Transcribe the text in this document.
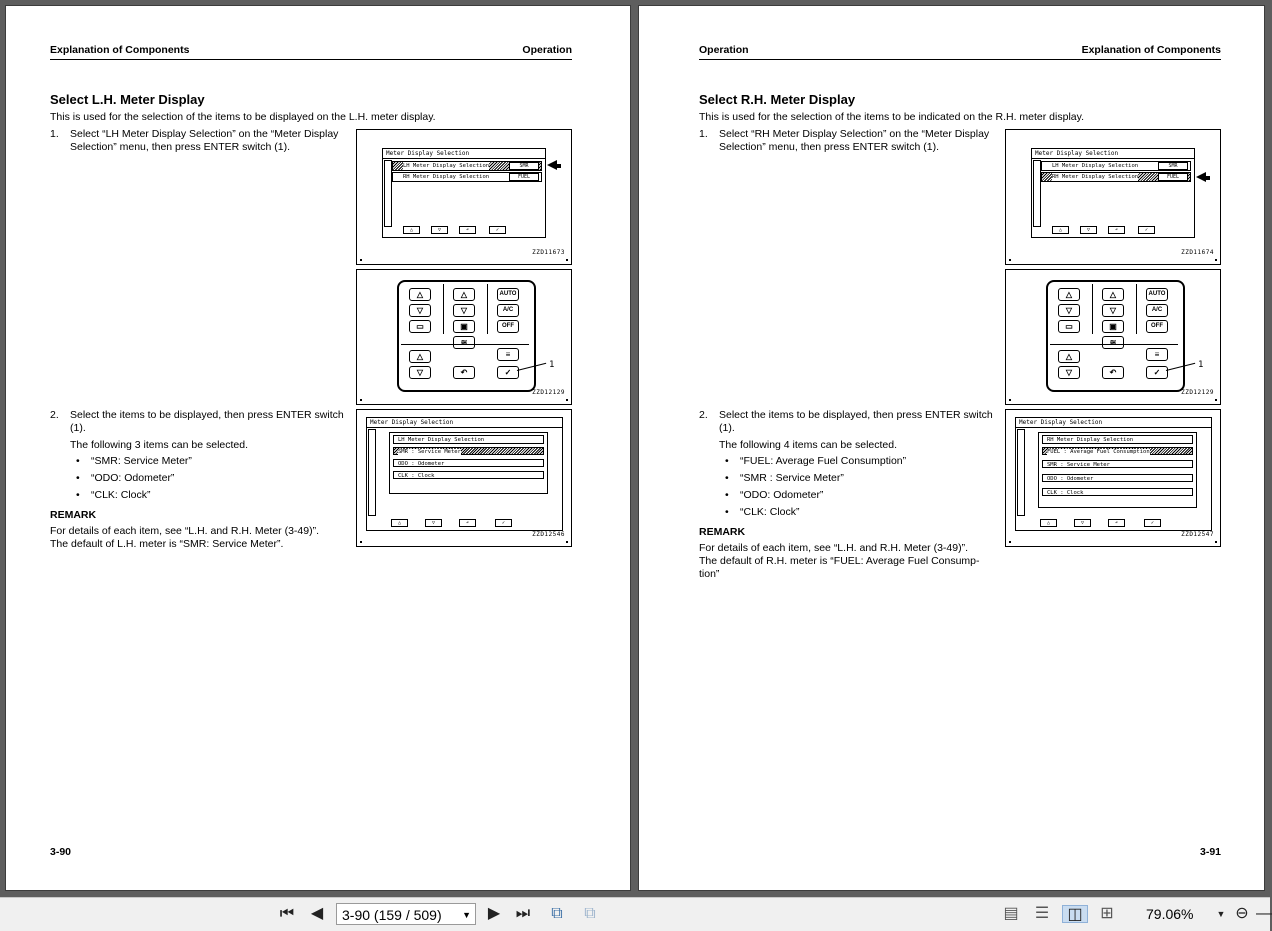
Explanation of Components	Operation
Select L.H. Meter Display
This is used for the selection of the items to be displayed on the L.H. meter display.
1. Select “LH Meter Display Selection” on the “Meter Display Selection” menu, then press ENTER switch (1).
2. Select the items to be displayed, then press ENTER switch (1).
The following 3 items can be selected.
• “SMR: Service Meter”
• “ODO: Odometer”
• “CLK: Clock”
REMARK
For details of each item, see “L.H. and R.H. Meter (3-49)”.
The default of L.H. meter is “SMR: Service Meter”.
3-90
Meter Display Selection
LH Meter Display Selection	SMR
RH Meter Display Selection	FUEL
△	▽	↶	✓
ZZD11673
△
▽
▭
△
▽
▣
≋
AUTO
A/C
OFF
△
▽	↶
≡
✓
1
ZZD12129
Meter Display Selection
LH Meter Display Selection
SMR : Service Meter
ODO : Odometer
CLK : Clock
△	▽	↶	✓
ZZD12546
Operation	Explanation of Components
Select R.H. Meter Display
This is used for the selection of the items to be indicated on the R.H. meter display.
1. Select “RH Meter Display Selection” on the “Meter Display Selection” menu, then press ENTER switch (1).
2. Select the items to be displayed, then press ENTER switch (1).
The following 4 items can be selected.
• “FUEL: Average Fuel Consumption”
• “SMR : Service Meter”
• “ODO: Odometer”
• “CLK: Clock”
REMARK
For details of each item, see “L.H. and R.H. Meter (3-49)”.
The default of R.H. meter is “FUEL: Average Fuel Consump-
tion”
3-91
Meter Display Selection
LH Meter Display Selection	SMR
RH Meter Display Selection	FUEL
△	▽	↶	✓
ZZD11674
△
▽
▭
△
▽
▣
≋
AUTO
A/C
OFF
△
▽	↶
≡
✓
1
ZZD12129
Meter Display Selection
RH Meter Display Selection
FUEL : Average Fuel Consumption
SMR : Service Meter
ODO : Odometer
CLK : Clock
△	▽	↶	✓
ZZD12547
⏮ ◀	3-90 (159 / 509) ▼ ▶ ⏭	⧉	⧉	▤ ☰	◫	⊞	79.06%	▼ ⊖ —
